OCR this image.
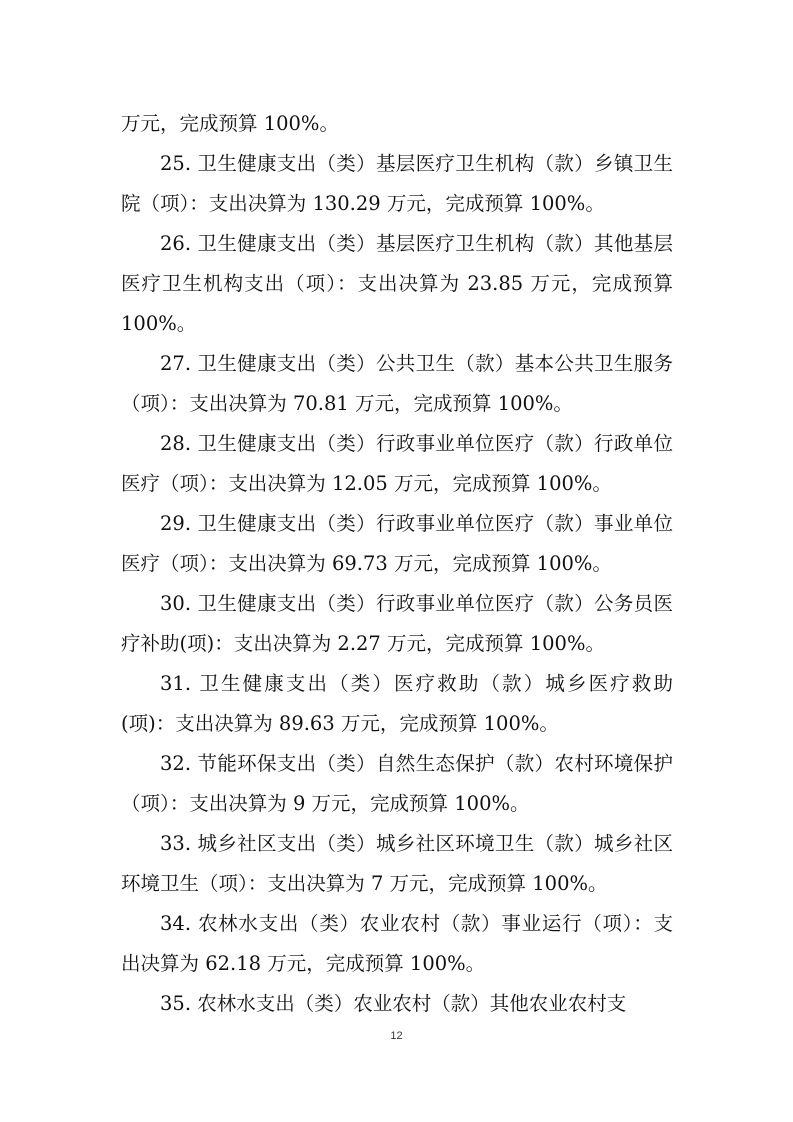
万元，完成预算 100%。

25. 卫生健康支出（类）基层医疗卫生机构（款）乡镇卫生院（项）：支出决算为 130.29 万元，完成预算 100%。

26. 卫生健康支出（类）基层医疗卫生机构（款）其他基层医疗卫生机构支出（项）：支出决算为 23.85 万元，完成预算 100%。

27. 卫生健康支出（类）公共卫生（款）基本公共卫生服务（项）：支出决算为 70.81 万元，完成预算 100%。

28. 卫生健康支出（类）行政事业单位医疗（款）行政单位医疗（项）：支出决算为 12.05 万元，完成预算 100%。

29. 卫生健康支出（类）行政事业单位医疗（款）事业单位医疗（项）：支出决算为 69.73 万元，完成预算 100%。

30. 卫生健康支出（类）行政事业单位医疗（款）公务员医疗补助(项)：支出决算为 2.27 万元，完成预算 100%。

31. 卫生健康支出（类）医疗救助（款）城乡医疗救助(项)：支出决算为 89.63 万元，完成预算 100%。

32. 节能环保支出（类）自然生态保护（款）农村环境保护（项）：支出决算为 9 万元，完成预算 100%。

33. 城乡社区支出（类）城乡社区环境卫生（款）城乡社区环境卫生（项）：支出决算为 7 万元，完成预算 100%。

34. 农林水支出（类）农业农村（款）事业运行（项）：支出决算为 62.18 万元，完成预算 100%。

35. 农林水支出（类）农业农村（款）其他农业农村支

12
